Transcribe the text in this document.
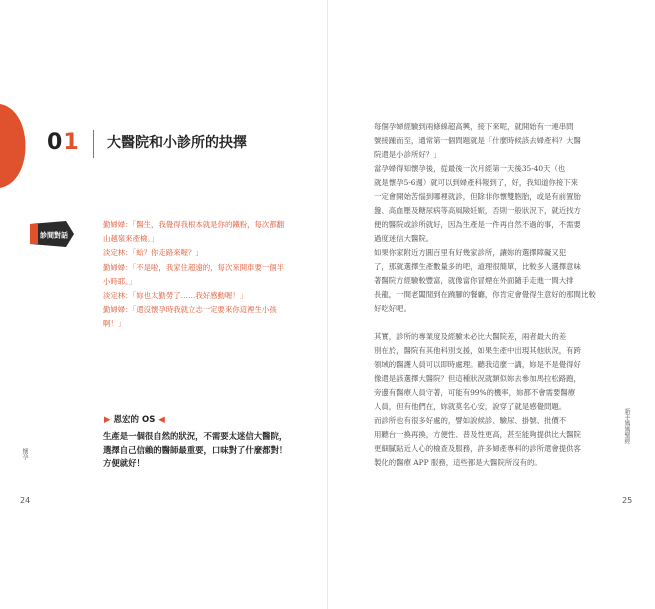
01 大醫院和小診所的抉擇
診間對話
勤婦婦：「醫生，我覺得我根本就是你的鐵粉，每次都翻
山越嶺來產檢。」
淡定林：「蛤？你走路來喔？」
勤婦婦：「不是啦，我家住超遠的，每次來開車要一個半
小時耶。」
淡定林：「妳也太勤勞了……我好感動喔！」
勤婦婦：「還沒懷孕時我就立志一定要來你這裡生小孩
啊！」
▶ 恩宏的 OS ◀
生產是一個很自然的狀況，不需要太迷信大醫院，
選擇自己信賴的醫師最重要，口味對了什麼都對！
方便就好！
懷孕
24
每個孕婦經驗到兩條線超高興，接下來呢，就開始有一連串問
號接踵而至，通常第一個問題就是「什麼時候該去婦產科？大醫
院還是小診所好？」
當孕婦得知懷孕後，從最後一次月經第一天後35-40天（也
就是懷孕5-6週）就可以到婦產科報到了，好，我知道你接下來
一定會開始苦惱到哪裡就診，但除非你懷雙胞胎，或是有前置胎
盤、高血壓及糖尿病等高風險妊娠，否則一般狀況下，就近找方
便的醫院或診所就好，因為生產是一件再自然不過的事，不需要
過度迷信大醫院。
如果你家附近方圓百里有好幾家診所，讓妳的選擇障礙又犯
了，那就選擇生產數量多的吧，道理很簡單，比較多人選擇意味
著醫院方經驗較豐富，就像當你冒煙在外面隨手走進一間大排
長龍，一間老闆閒到在蹺腳的餐廳，你肯定會覺得生意好的那間比較
好吃好吧。
其實，診所的專業度及經驗未必比大醫院差，兩者最大的差
別在於，醫院有其他科別支援，如果生產中出現其他狀況，有跨
領域的醫護人員可以即時處理。聽我這麼一講，妳是不是覺得好
像還是該選擇大醫院？但這種狀況就類似妳去參加馬拉松路跑，
旁邊有醫療人員守著，可能有99%的機率，妳都不會需要醫療
人員，但有他們在，妳就莫名心安，說穿了就是感覺問題。
而診所也有很多好處的，譬如說候診、驗尿、掛號、批價不
用聽台一換再換，方便性、普及性更高，甚至能夠提供比大醫院
更細膩貼近人心的檢查及服務，許多婦產專科的診所還會提供客
製化的醫療 APP 服務，這些都是大醫院所沒有的。
新手媽媽聖經
25
